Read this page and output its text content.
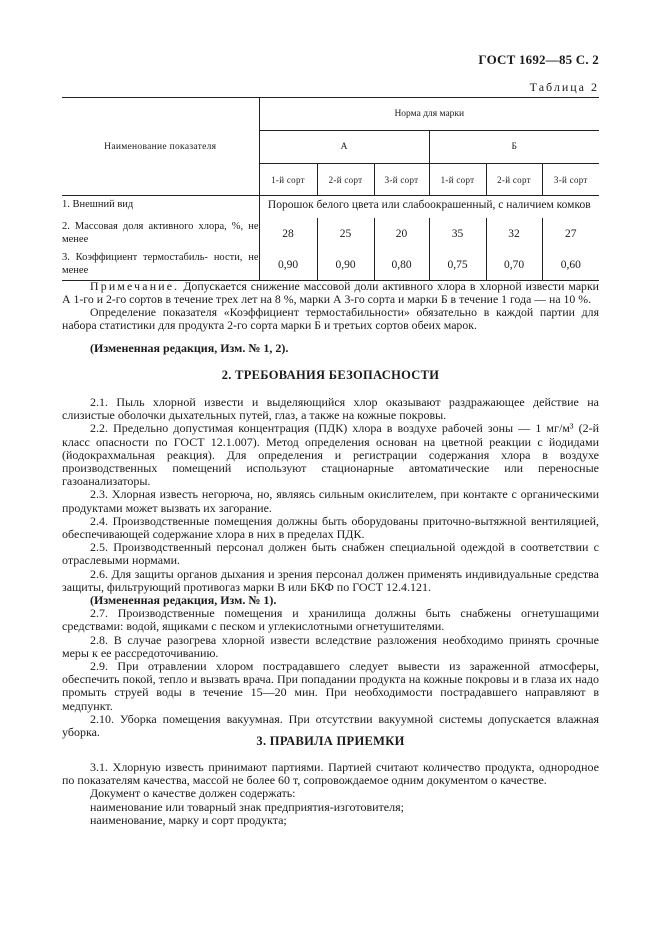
ГОСТ 1692—85 С. 2
Таблица 2
Наименование показателя	Норма для марки					
	А			Б		
	1-й сорт	2-й сорт	3-й сорт	1-й сорт	2-й сорт	3-й сорт
1. Внешний вид	Порошок белого цвета или слабоокрашенный, с наличием комков					
2. Массовая доля активного хлора, %, не менее	28	25	20	35	32	27
3. Коэффициент термостабиль- ности, не менее	0,90	0,90	0,80	0,75	0,70	0,60

Примечание. Допускается снижение массовой доли активного хлора в хлорной извести марки А 1-го и 2-го сортов в течение трех лет на 8 %, марки А 3-го сорта и марки Б в течение 1 года — на 10 %.

Определение показателя «Коэффициент термостабильности» обязательно в каждой партии для набора статистики для продукта 2-го сорта марки Б и третьих сортов обеих марок.

(Измененная редакция, Изм. № 1, 2).
2. ТРЕБОВАНИЯ БЕЗОПАСНОСТИ

2.1. Пыль хлорной извести и выделяющийся хлор оказывают раздражающее действие на слизистые оболочки дыхательных путей, глаз, а также на кожные покровы.

2.2. Предельно допустимая концентрация (ПДК) хлора в воздухе рабочей зоны — 1 мг/м³ (2-й класс опасности по ГОСТ 12.1.007). Метод определения основан на цветной реакции с йодидами (йодокрахмальная реакция). Для определения и регистрации содержания хлора в воздухе производственных помещений используют стационарные автоматические или переносные газоанализаторы.

2.3. Хлорная известь негорюча, но, являясь сильным окислителем, при контакте с органическими продуктами может вызвать их загорание.

2.4. Производственные помещения должны быть оборудованы приточно-вытяжной вентиляцией, обеспечивающей содержание хлора в них в пределах ПДК.

2.5. Производственный персонал должен быть снабжен специальной одеждой в соответствии с отраслевыми нормами.

2.6. Для защиты органов дыхания и зрения персонал должен применять индивидуальные средства защиты, фильтрующий противогаз марки В или БКФ по ГОСТ 12.4.121.

(Измененная редакция, Изм. № 1).

2.7. Производственные помещения и хранилища должны быть снабжены огнетушащими средствами: водой, ящиками с песком и углекислотными огнетушителями.

2.8. В случае разогрева хлорной извести вследствие разложения необходимо принять срочные меры к ее рассредоточиванию.

2.9. При отравлении хлором пострадавшего следует вывести из зараженной атмосферы, обеспечить покой, тепло и вызвать врача. При попадании продукта на кожные покровы и в глаза их надо промыть струей воды в течение 15—20 мин. При необходимости пострадавшего направляют в медпункт.

2.10. Уборка помещения вакуумная. При отсутствии вакуумной системы допускается влажная уборка.

3. ПРАВИЛА ПРИЕМКИ

3.1. Хлорную известь принимают партиями. Партией считают количество продукта, однородное по показателям качества, массой не более 60 т, сопровождаемое одним документом о качестве.

Документ о качестве должен содержать:

наименование или товарный знак предприятия-изготовителя;

наименование, марку и сорт продукта;
